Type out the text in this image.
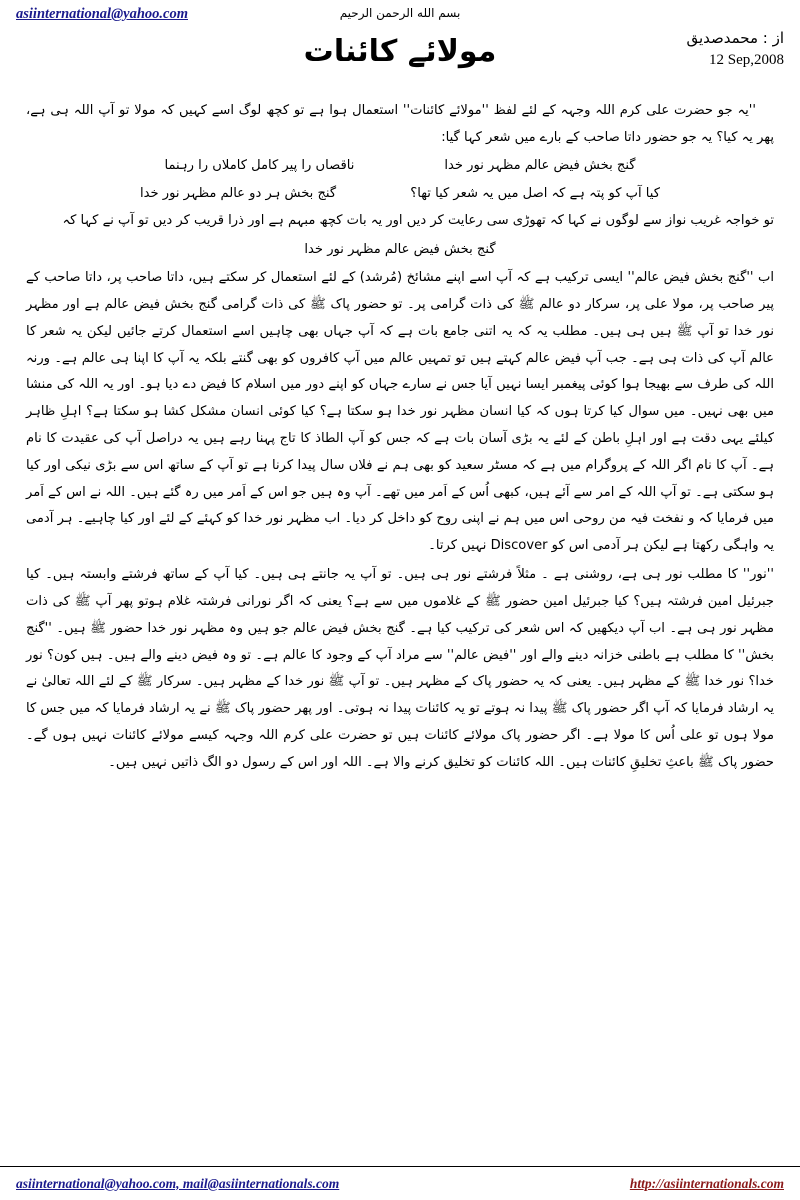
asiinternational@yahoo.com	بسم الله الرحمن الرحیم
مولائے کائنات	از : محمدصدیق
12 Sep,2008

''یہ جو حضرت علی کرم اللہ وجہہ کے لئے لفظ ''مولائے کائنات'' استعمال ہوا ہے تو کچھ لوگ اسے کہیں کہ مولا تو آپ اللہ ہی ہے، پھر یہ کیا؟ یہ جو حضور داتا صاحب کے بارے میں شعر کہا گیا:

گنج بخش فیض عالم مظہر نور خدا
ناقصاں را پیر کامل کاملاں را رہنما
کیا آپ کو پتہ ہے کہ اصل میں یہ شعر کیا تھا؟ گنج بخش ہر دو عالم مظہر نور خدا

تو خواجہ غریب نواز سے لوگوں نے کہا کہ تھوڑی سی رعایت کر دیں اور یہ بات کچھ مبہم ہے اور ذرا قریب کر دیں تو آپ نے کہا کہ

گنج بخش فیض عالم مظہر نور خدا

اب ''گنج بخش فیض عالم'' ایسی ترکیب ہے کہ آپ اسے اپنے مشائخ (مُرشد) کے لئے استعمال کر سکتے ہیں، داتا صاحب پر، داتا صاحب کے پیر صاحب پر، مولا علی پر، سرکار دو عالم ﷺ کی ذات گرامی پر۔ تو حضور پاک ﷺ کی ذات گرامی گنج بخش فیض عالم ہے اور مظہر نور خدا تو آپ ﷺ ہیں ہی ہیں۔ مطلب یہ کہ یہ اتنی جامع بات ہے کہ آپ جہاں بھی چاہیں اسے استعمال کرتے جائیں لیکن یہ شعر کا عالم آپ کی ذات ہی ہے۔ جب آپ فیض عالم کہتے ہیں تو تمہیں عالم میں آپ کافروں کو بھی گنتے بلکہ یہ آپ کا اپنا ہی عالم ہے۔ ورنہ اللہ کی طرف سے بھیجا ہوا کوئی پیغمبر ایسا نہیں آیا جس نے سارے جہاں کو اپنے دور میں اسلام کا فیض دے دیا ہو۔ اور یہ اللہ کی منشا میں بھی نہیں۔ میں سوال کیا کرتا ہوں کہ کیا انسان مظہر نور خدا ہو سکتا ہے؟ کیا کوئی انسان مشکل کشا ہو سکتا ہے؟ اہلِ ظاہر کیلئے یہی دقت ہے اور اہلِ باطن کے لئے یہ بڑی آسان بات ہے کہ جس کو آپ الطاذ کا تاج پہنا رہے ہیں یہ دراصل آپ کی عقیدت کا نام ہے۔ آپ کا نام اگر اللہ کے پروگرام میں ہے کہ مسٹر سعید کو بھی ہم نے فلاں سال پیدا کرنا ہے تو آپ کے ساتھ اس سے بڑی نیکی اور کیا ہو سکتی ہے۔ تو آپ اللہ کے امر سے آئے ہیں، کبھی اُس کے اَمر میں تھے۔ آپ وہ ہیں جو اس کے اَمر میں رہ گئے ہیں۔ اللہ نے اس کے اَمر میں فرمایا کہ و نفخت فیہ من روحی اس میں ہم نے اپنی روح کو داخل کر دیا۔ اب مظہر نور خدا کو کہئے کے لئے اور کیا چاہیے۔ ہر آدمی یہ واہگی رکھتا ہے لیکن ہر آدمی اس کو Discover نہیں کرتا۔

''نور'' کا مطلب نور ہی ہے، روشنی ہے ۔ مثلاً فرشتے نور ہی ہیں۔ تو آپ یہ جانتے ہی ہیں۔ کیا آپ کے ساتھ فرشتے وابستہ ہیں۔ کیا جبرئیل امین فرشتہ ہیں؟ کیا جبرئیل امین حضور ﷺ کے غلاموں میں سے ہے؟ یعنی کہ اگر نورانی فرشتہ غلام ہوتو پھر آپ ﷺ کی ذات مظہر نور ہی ہے۔ اب آپ دیکھیں کہ اس شعر کی ترکیب کیا ہے۔ گنج بخش فیض عالم جو ہیں وہ مظہر نور خدا حضور ﷺ ہیں۔ ''گنج بخش'' کا مطلب ہے باطنی خزانہ دینے والے اور ''فیض عالم'' سے مراد آپ کے وجود کا عالم ہے۔ تو وہ فیض دینے والے ہیں۔ ہیں کون؟ نور خدا؟ نور خدا ﷺ کے مظہر ہیں۔ یعنی کہ یہ حضور پاک کے مظہر ہیں۔ تو آپ ﷺ نور خدا کے مظہر ہیں۔ سرکار ﷺ کے لئے اللہ تعالیٰ نے یہ ارشاد فرمایا کہ آپ اگر حضور پاک ﷺ پیدا نہ ہوتے تو یہ کائنات پیدا نہ ہوتی۔ اور پھر حضور پاک ﷺ نے یہ ارشاد فرمایا کہ میں جس کا مولا ہوں تو علی اُس کا مولا ہے۔ اگر حضور پاک مولائے کائنات ہیں تو حضرت علی کرم اللہ وجہہ کیسے مولائے کائنات نہیں ہوں گے۔ حضور پاک ﷺ باعثِ تخلیقِ کائنات ہیں۔ اللہ کائنات کو تخلیق کرنے والا ہے۔ اللہ اور اس کے رسول دو الگ ذاتیں نہیں ہیں۔

asiinternational@yahoo.com, mail@asiinternationals.com	http://asiinternationals.com
